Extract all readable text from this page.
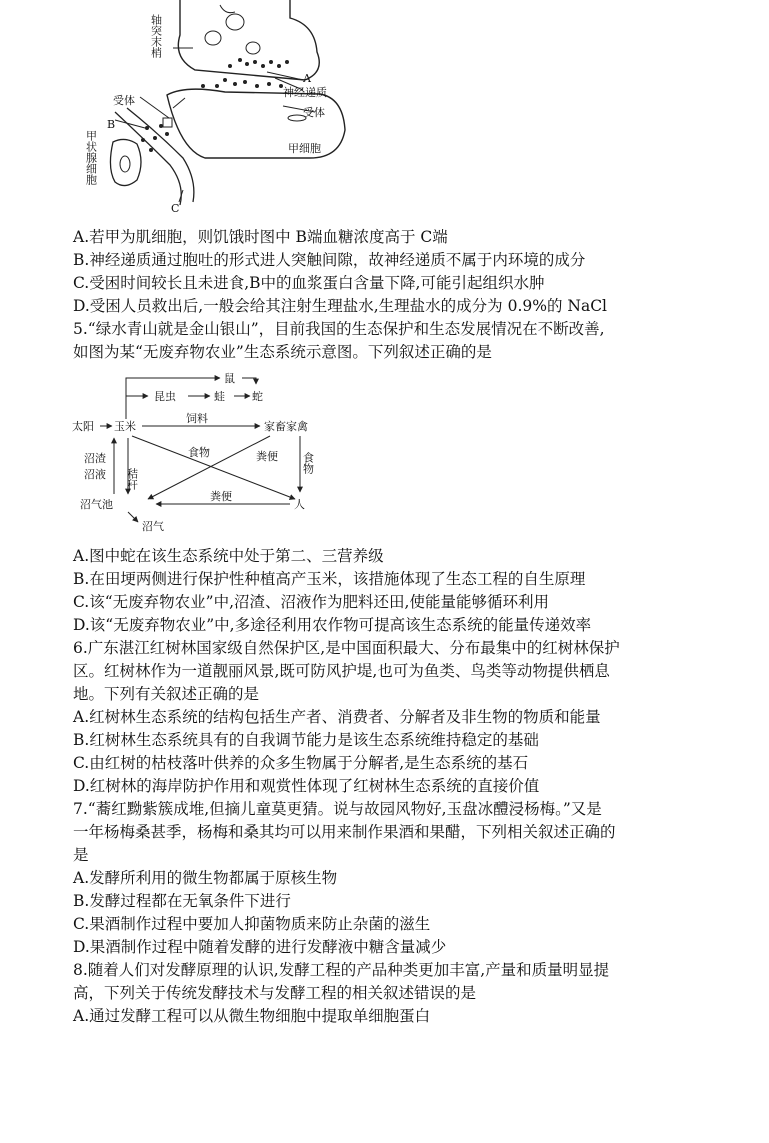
轴突末梢
A
神经递质
受体
B
受体
甲状腺细胞	甲细胞
C
A.若甲为肌细胞，则饥饿时图中 B端血糖浓度高于 C端
B.神经递质通过胞吐的形式进人突触间隙，故神经递质不属于内环境的成分
C.受困时间较长且未进食,B中的血浆蛋白含量下降,可能引起组织水肿
D.受困人员救出后,一般会给其注射生理盐水,生理盐水的成分为 0.9%的 NaCl
5.“绿水青山就是金山银山”，目前我国的生态保护和生态发展情况在不断改善,
如图为某“无废弃物农业”生态系统示意图。下列叙述正确的是
太阳 玉米
鼠
昆虫	蛙 蛇
饲料
家畜家禽
沼渣
沼液 秸秆
食物	粪便 食物
粪便
沼气池	人
沼气
A.图中蛇在该生态系统中处于第二、三营养级
B.在田埂两侧进行保护性种植高产玉米，该措施体现了生态工程的自生原理
C.该“无废弃物农业”中,沼渣、沼液作为肥料还田,使能量能够循环利用
D.该“无废弃物农业”中,多途径利用农作物可提高该生态系统的能量传递效率
6.广东湛江红树林国家级自然保护区,是中国面积最大、分布最集中的红树林保护
区。红树林作为一道靓丽风景,既可防风护堤,也可为鱼类、鸟类等动物提供栖息
地。下列有关叙述正确的是
A.红树林生态系统的结构包括生产者、消费者、分解者及非生物的物质和能量
B.红树林生态系统具有的自我调节能力是该生态系统维持稳定的基础
C.由红树的枯枝落叶供养的众多生物属于分解者,是生态系统的基石
D.红树林的海岸防护作用和观赏性体现了红树林生态系统的直接价值
7.“蕎红黝紫簇成堆,但摘儿童莫更猜。说与故园风物好,玉盘冰醴浸杨梅。”又是
一年杨梅桑甚季，杨梅和桑其均可以用来制作果酒和果醋，下列相关叙述正确的
是
A.发酵所利用的微生物都属于原核生物
B.发酵过程都在无氧条件下进行
C.果酒制作过程中要加人抑菌物质来防止杂菌的滋生
D.果酒制作过程中随着发酵的进行发酵液中糖含量减少
8.随着人们对发酵原理的认识,发酵工程的产品种类更加丰富,产量和质量明显提
高，下列关于传统发酵技术与发酵工程的相关叙述错误的是
A.通过发酵工程可以从微生物细胞中提取单细胞蛋白
